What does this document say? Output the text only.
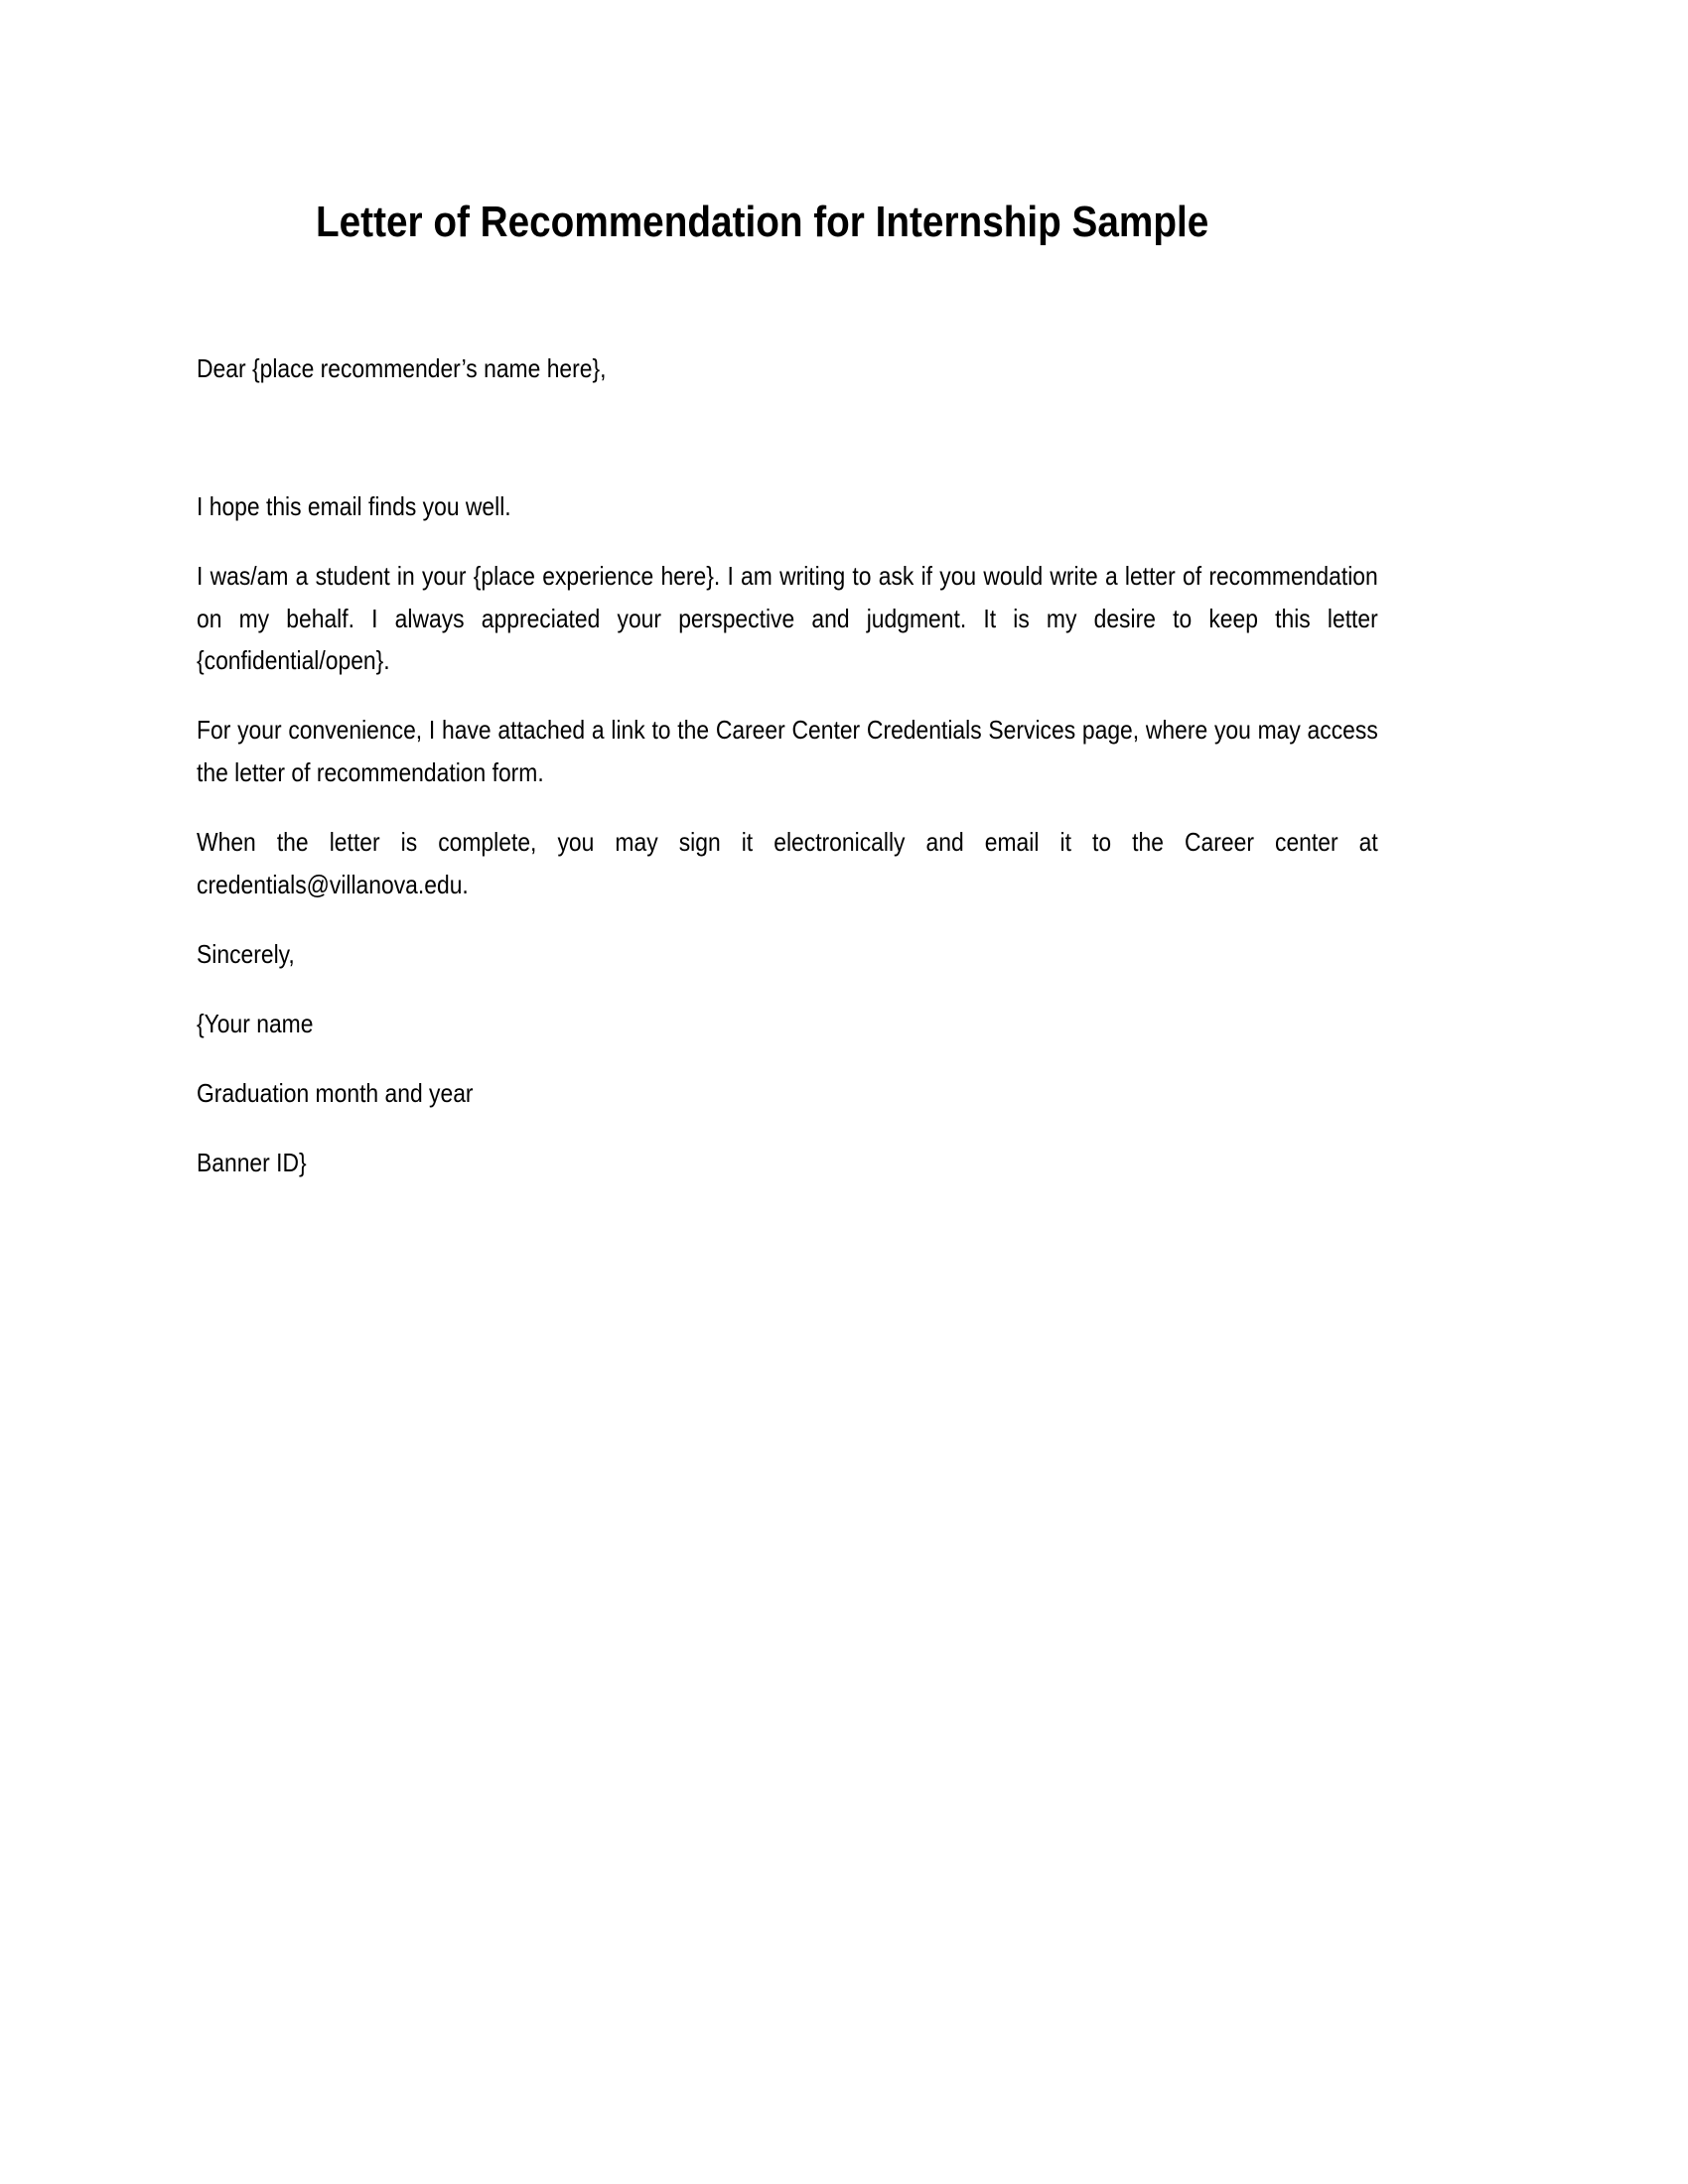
Letter of Recommendation for Internship Sample
Dear {place recommender’s name here},
I hope this email finds you well.
I was/am a student in your {place experience here}. I am writing to ask if you would write a letter of recommendation on my behalf. I always appreciated your perspective and judgment. It is my desire to keep this letter {confidential/open}.
For your convenience, I have attached a link to the Career Center Credentials Services page, where you may access the letter of recommendation form.
When the letter is complete, you may sign it electronically and email it to the Career center at credentials@villanova.edu.
Sincerely,
{Your name
Graduation month and year
Banner ID}
